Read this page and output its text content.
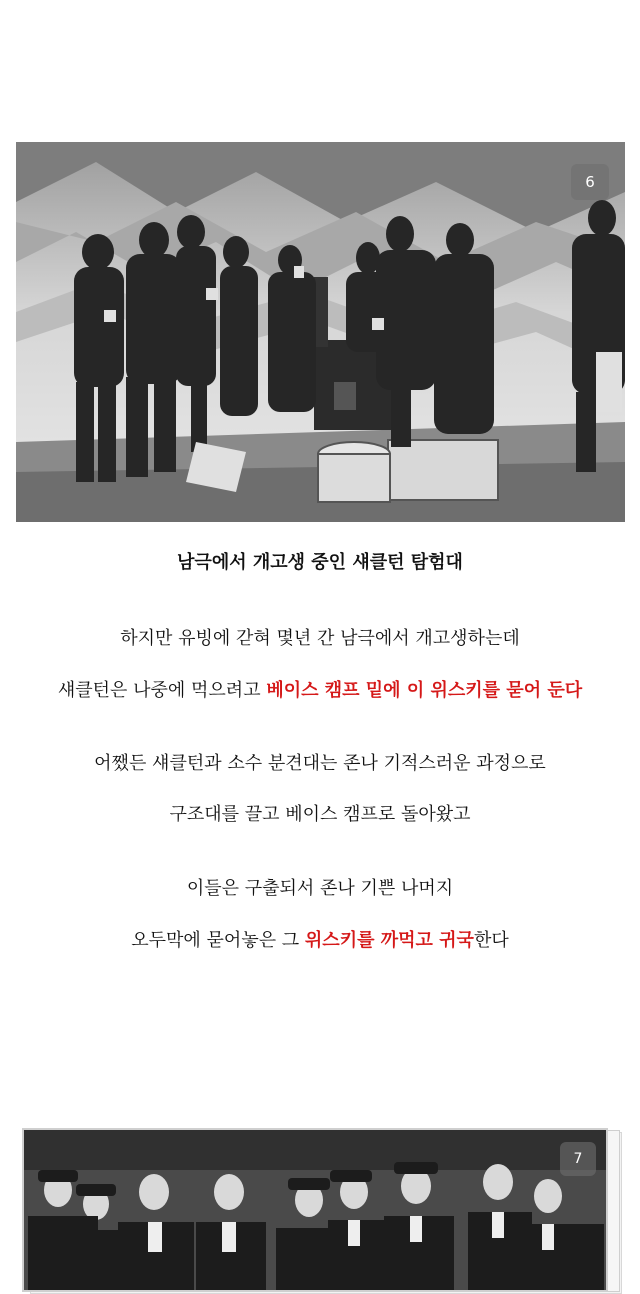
6
남극에서 개고생 중인 섀클턴 탐험대
하지만 유빙에 갇혀 몇년 간 남극에서 개고생하는데
섀클턴은 나중에 먹으려고 베이스 캠프 밑에 이 위스키를 묻어 둔다
어쨌든 섀클턴과 소수 분견대는 존나 기적스러운 과정으로
구조대를 끌고 베이스 캠프로 돌아왔고
이들은 구출되서 존나 기쁜 나머지
오두막에 묻어놓은 그 위스키를 까먹고 귀국한다
7
